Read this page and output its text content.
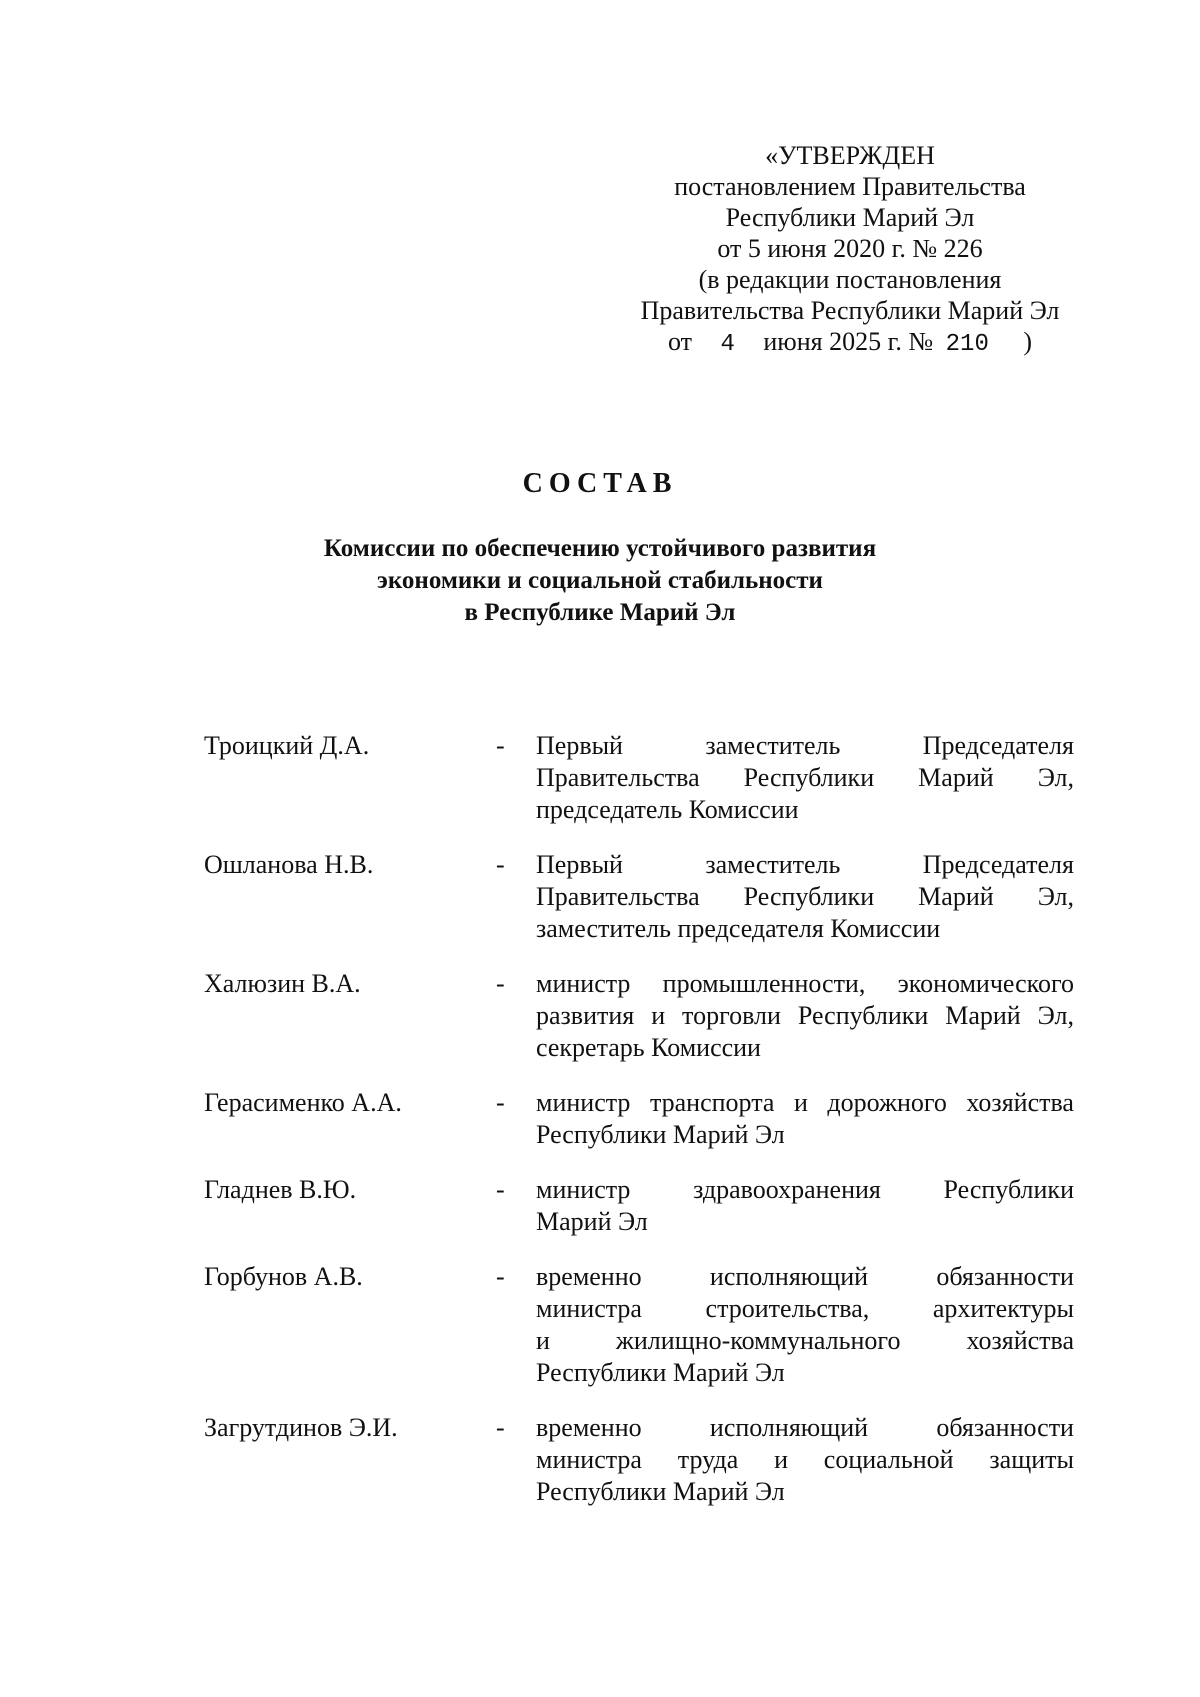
«УТВЕРЖДЕН
постановлением Правительства
Республики Марий Эл
от 5 июня 2020 г. № 226
(в редакции постановления
Правительства Республики Марий Эл
от 4 июня 2025 г. № 210 )
СОСТАВ
Комиссии по обеспечению устойчивого развития
экономики и социальной стабильности
в Республике Марий Эл
Троицкий Д.А.	-	Первый	заместитель	Председателя
Правительства Республики Марий Эл,
председатель Комиссии
Ошланова Н.В.	-	Первый	заместитель	Председателя
Правительства Республики Марий Эл,
заместитель председателя Комиссии
Халюзин В.А.	-	министр промышленности, экономического
развития и торговли Республики Марий Эл,
секретарь Комиссии
Герасименко А.А.	-	министр транспорта и дорожного хозяйства
Республики Марий Эл
Гладнев В.Ю.	-	министр здравоохранения Республики
Марий Эл
Горбунов А.В.	-	временно	исполняющий	обязанности
министра строительства, архитектуры
и	жилищно-коммунального	хозяйства
Республики Марий Эл
Загрутдинов Э.И.	-	временно	исполняющий	обязанности
министра труда и социальной защиты
Республики Марий Эл
